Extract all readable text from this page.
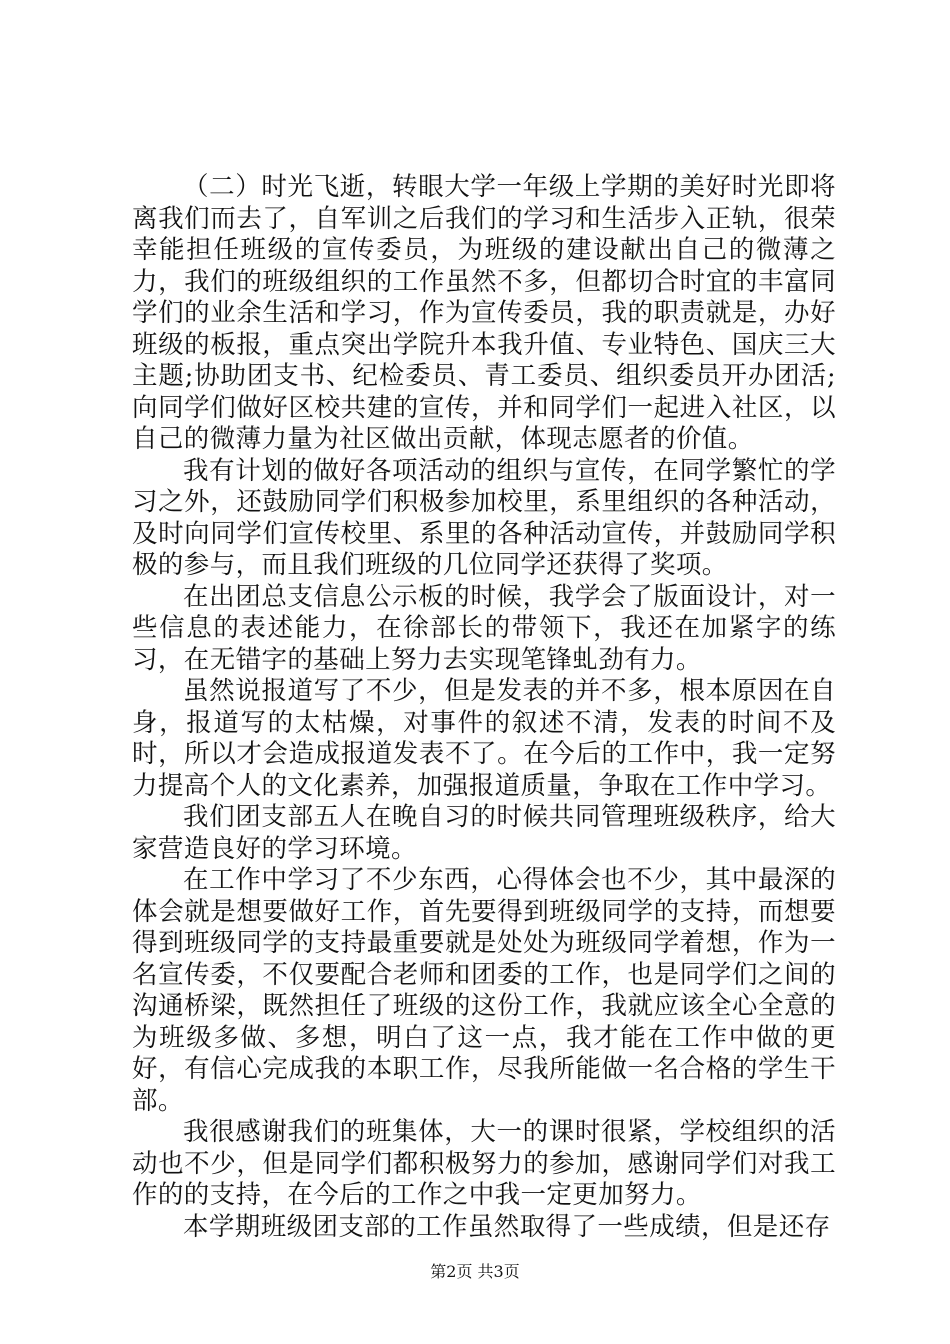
（二）时光飞逝，转眼大学一年级上学期的美好时光即将离我们而去了，自军训之后我们的学习和生活步入正轨，很荣幸能担任班级的宣传委员，为班级的建设献出自己的微薄之力，我们的班级组织的工作虽然不多，但都切合时宜的丰富同学们的业余生活和学习，作为宣传委员，我的职责就是，办好班级的板报，重点突出学院升本我升值、专业特色、国庆三大主题;协助团支书、纪检委员、青工委员、组织委员开办团活;向同学们做好区校共建的宣传，并和同学们一起进入社区，以自己的微薄力量为社区做出贡献，体现志愿者的价值。

我有计划的做好各项活动的组织与宣传，在同学繁忙的学习之外，还鼓励同学们积极参加校里，系里组织的各种活动，及时向同学们宣传校里、系里的各种活动宣传，并鼓励同学积极的参与，而且我们班级的几位同学还获得了奖项。

在出团总支信息公示板的时候，我学会了版面设计，对一些信息的表述能力，在徐部长的带领下，我还在加紧字的练习，在无错字的基础上努力去实现笔锋虬劲有力。

虽然说报道写了不少，但是发表的并不多，根本原因在自身，报道写的太枯燥，对事件的叙述不清，发表的时间不及时，所以才会造成报道发表不了。在今后的工作中，我一定努力提高个人的文化素养，加强报道质量，争取在工作中学习。

我们团支部五人在晚自习的时候共同管理班级秩序，给大家营造良好的学习环境。

在工作中学习了不少东西，心得体会也不少，其中最深的体会就是想要做好工作，首先要得到班级同学的支持，而想要得到班级同学的支持最重要就是处处为班级同学着想，作为一名宣传委，不仅要配合老师和团委的工作，也是同学们之间的沟通桥梁，既然担任了班级的这份工作，我就应该全心全意的为班级多做、多想，明白了这一点，我才能在工作中做的更好，有信心完成我的本职工作，尽我所能做一名合格的学生干部。

我很感谢我们的班集体，大一的课时很紧，学校组织的活动也不少，但是同学们都积极努力的参加，感谢同学们对我工作的的支持，在今后的工作之中我一定更加努力。

本学期班级团支部的工作虽然取得了一些成绩，但是还存

第2页 共3页
